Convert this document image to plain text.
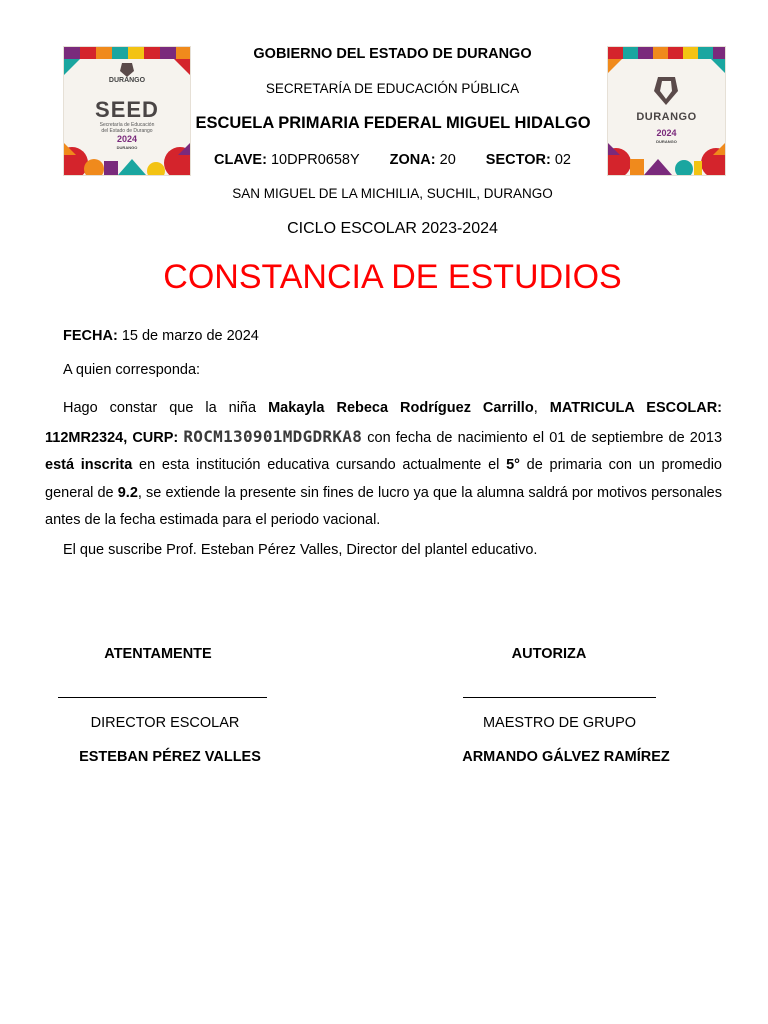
DURANGO
SEED
Secretaría de Educación
del Estado de Durango
2024
DURANGO
DURANGO
2024
DURANGO
GOBIERNO DEL ESTADO DE DURANGO
SECRETARÍA DE EDUCACIÓN PÚBLICA
ESCUELA PRIMARIA FEDERAL MIGUEL HIDALGO
CLAVE: 10DPR0658Y ZONA: 20 SECTOR: 02
SAN MIGUEL DE LA MICHILIA, SUCHIL, DURANGO
CICLO ESCOLAR 2023-2024
CONSTANCIA DE ESTUDIOS
FECHA: 15 de marzo de 2024
A quien corresponda:
Hago constar que la niña Makayla Rebeca Rodríguez Carrillo, MATRICULA ESCOLAR: 112MR2324, CURP: ROCM130901MDGDRKA8 con fecha de nacimiento el 01 de septiembre de 2013 está inscrita en esta institución educativa cursando actualmente el 5° de primaria con un promedio general de 9.2, se extiende la presente sin fines de lucro ya que la alumna saldrá por motivos personales antes de la fecha estimada para el periodo vacional.
El que suscribe Prof. Esteban Pérez Valles, Director del plantel educativo.
ATENTAMENTE	AUTORIZA
DIRECTOR ESCOLAR	MAESTRO DE GRUPO
ESTEBAN PÉREZ VALLES	ARMANDO GÁLVEZ RAMÍREZ
